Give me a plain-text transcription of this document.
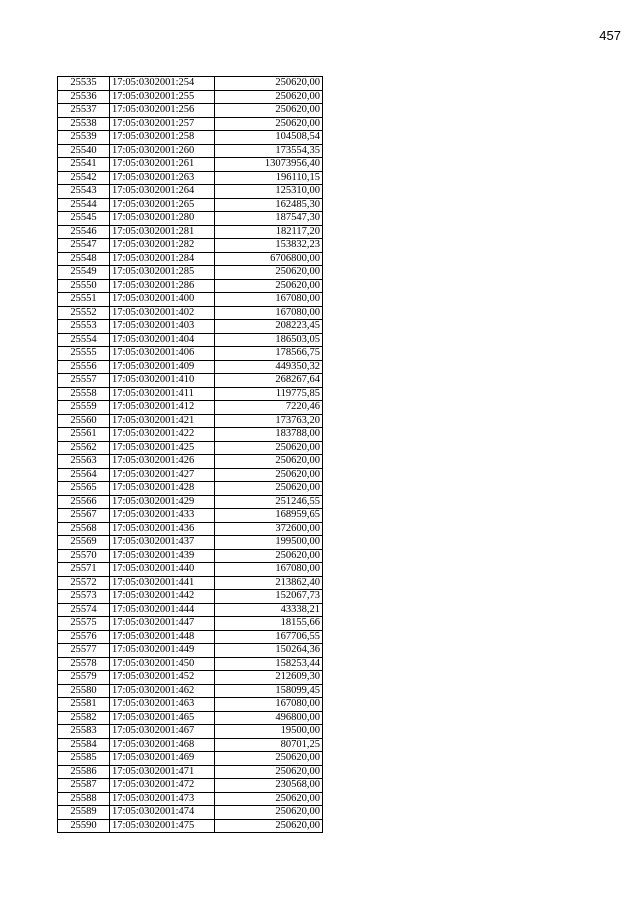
457
25535	17:05:0302001:254	250620,00
25536	17:05:0302001:255	250620,00
25537	17:05:0302001:256	250620,00
25538	17:05:0302001:257	250620,00
25539	17:05:0302001:258	104508,54
25540	17:05:0302001:260	173554,35
25541	17:05:0302001:261	13073956,40
25542	17:05:0302001:263	196110,15
25543	17:05:0302001:264	125310,00
25544	17:05:0302001:265	162485,30
25545	17:05:0302001:280	187547,30
25546	17:05:0302001:281	182117,20
25547	17:05:0302001:282	153832,23
25548	17:05:0302001:284	6706800,00
25549	17:05:0302001:285	250620,00
25550	17:05:0302001:286	250620,00
25551	17:05:0302001:400	167080,00
25552	17:05:0302001:402	167080,00
25553	17:05:0302001:403	208223,45
25554	17:05:0302001:404	186503,05
25555	17:05:0302001:406	178566,75
25556	17:05:0302001:409	449350,32
25557	17:05:0302001:410	268267,64
25558	17:05:0302001:411	119775,85
25559	17:05:0302001:412	7220,46
25560	17:05:0302001:421	173763,20
25561	17:05:0302001:422	183788,00
25562	17:05:0302001:425	250620,00
25563	17:05:0302001:426	250620,00
25564	17:05:0302001:427	250620,00
25565	17:05:0302001:428	250620,00
25566	17:05:0302001:429	251246,55
25567	17:05:0302001:433	168959,65
25568	17:05:0302001:436	372600,00
25569	17:05:0302001:437	199500,00
25570	17:05:0302001:439	250620,00
25571	17:05:0302001:440	167080,00
25572	17:05:0302001:441	213862,40
25573	17:05:0302001:442	152067,73
25574	17:05:0302001:444	43338,21
25575	17:05:0302001:447	18155,66
25576	17:05:0302001:448	167706,55
25577	17:05:0302001:449	150264,36
25578	17:05:0302001:450	158253,44
25579	17:05:0302001:452	212609,30
25580	17:05:0302001:462	158099,45
25581	17:05:0302001:463	167080,00
25582	17:05:0302001:465	496800,00
25583	17:05:0302001:467	19500,00
25584	17:05:0302001:468	80701,25
25585	17:05:0302001:469	250620,00
25586	17:05:0302001:471	250620,00
25587	17:05:0302001:472	230568,00
25588	17:05:0302001:473	250620,00
25589	17:05:0302001:474	250620,00
25590	17:05:0302001:475	250620,00
